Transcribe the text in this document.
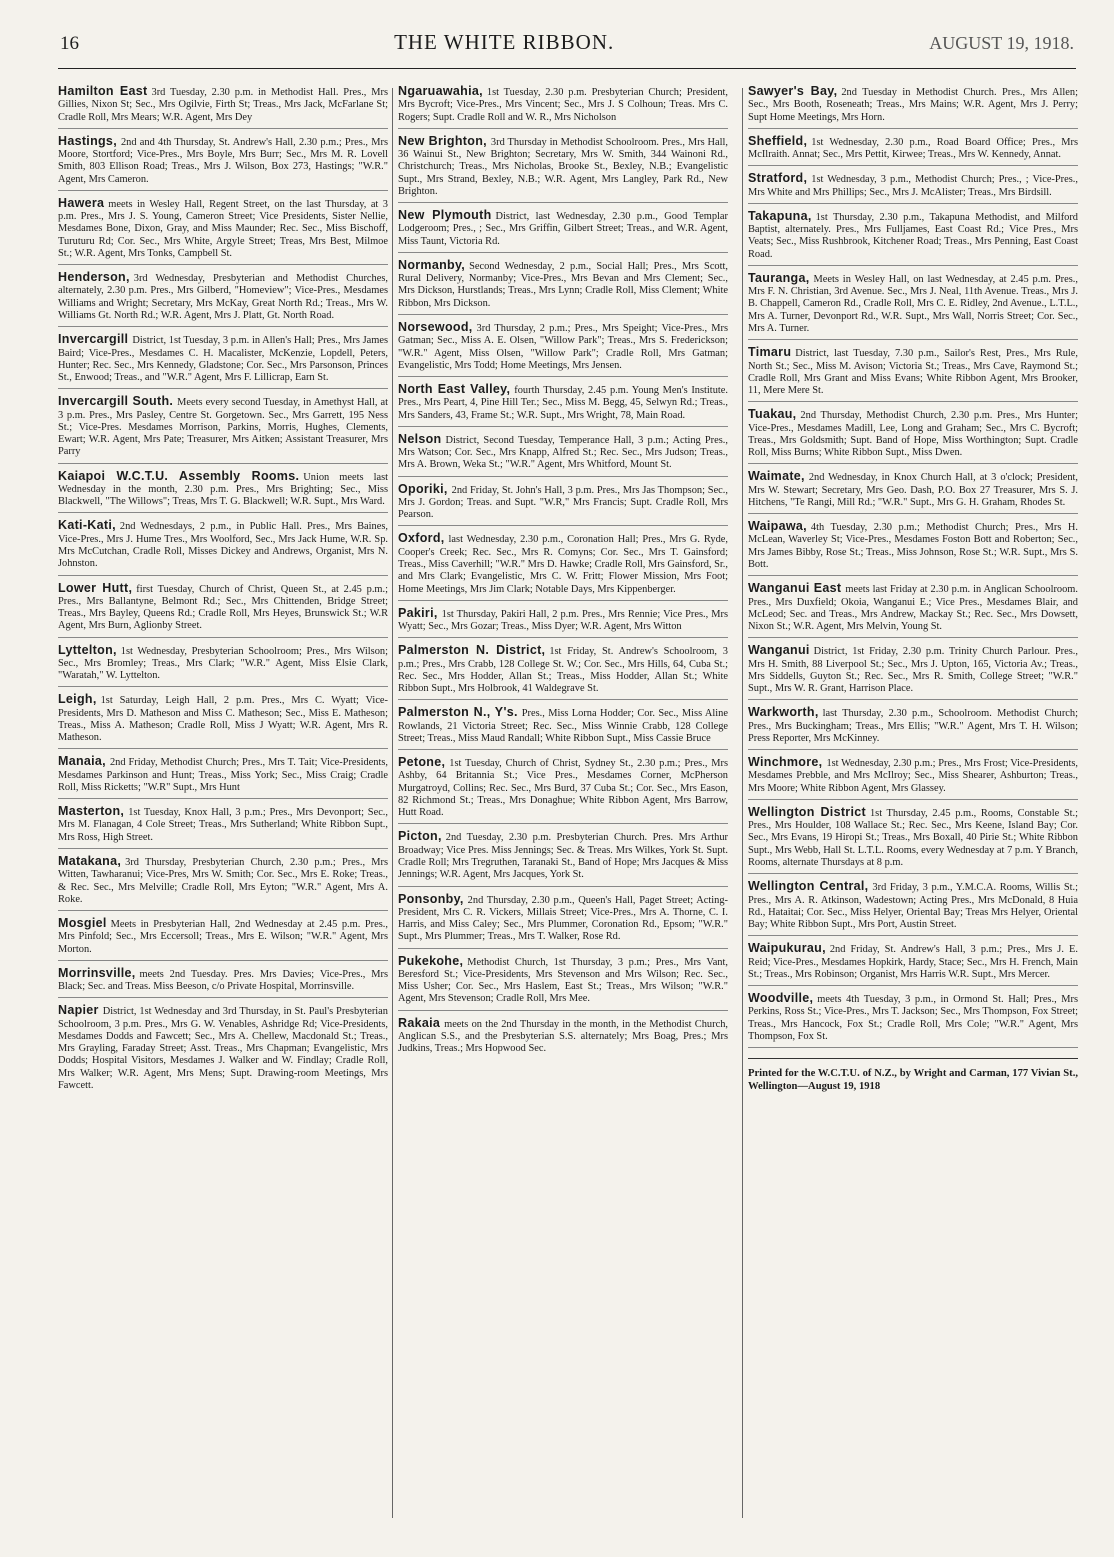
16	THE WHITE RIBBON.	AUGUST 19, 1918.
Hamilton East 3rd Tuesday, 2.30 p.m. in Methodist Hall. Pres., Mrs Gillies, Nixon St; Sec., Mrs Ogilvie, Firth St; Treas., Mrs Jack, McFarlane St; Cradle Roll, Mrs Mears; W.R. Agent, Mrs Dey
Hastings, 2nd and 4th Thursday, St. Andrew's Hall, 2.30 p.m.; Pres., Mrs Moore, Stortford; Vice-Pres., Mrs Boyle, Mrs Burr; Sec., Mrs M. R. Lovell Smith, 803 Ellison Road; Treas., Mrs J. Wilson, Box 273, Hastings; "W.R." Agent, Mrs Cameron.
Hawera meets in Wesley Hall, Regent Street, on the last Thursday, at 3 p.m. Pres., Mrs J. S. Young, Cameron Street; Vice Presidents, Sister Nellie, Mesdames Bone, Dixon, Gray, and Miss Maunder; Rec. Sec., Miss Bischoff, Turuturu Rd; Cor. Sec., Mrs White, Argyle Street; Treas, Mrs Best, Milmoe St.; W.R. Agent, Mrs Tonks, Campbell St.
Henderson, 3rd Wednesday, Presbyterian and Methodist Churches, alternately, 2.30 p.m. Pres., Mrs Gilberd, "Homeview"; Vice-Pres., Mesdames Williams and Wright; Secretary, Mrs McKay, Great North Rd.; Treas., Mrs W. Williams Gt. North Rd.; W.R. Agent, Mrs J. Platt, Gt. North Road.
Invercargill District, 1st Tuesday, 3 p.m. in Allen's Hall; Pres., Mrs James Baird; Vice-Pres., Mesdames C. H. Macalister, McKenzie, Lopdell, Peters, Hunter; Rec. Sec., Mrs Kennedy, Gladstone; Cor. Sec., Mrs Parsonson, Princes St., Enwood; Treas., and "W.R." Agent, Mrs F. Lillicrap, Earn St.
Invercargill South. Meets every second Tuesday, in Amethyst Hall, at 3 p.m. Pres., Mrs Pasley, Centre St. Gorgetown. Sec., Mrs Garrett, 195 Ness St.; Vice-Pres. Mesdames Morrison, Parkins, Morris, Hughes, Clements, Ewart; W.R. Agent, Mrs Pate; Treasurer, Mrs Aitken; Assistant Treasurer, Mrs Parry
Kaiapoi W.C.T.U. Assembly Rooms. Union meets last Wednesday in the month, 2.30 p.m. Pres., Mrs Brighting; Sec., Miss Blackwell, "The Willows"; Treas, Mrs T. G. Blackwell; W.R. Supt., Mrs Ward.
Kati-Kati, 2nd Wednesdays, 2 p.m., in Public Hall. Pres., Mrs Baines, Vice-Pres., Mrs J. Hume Tres., Mrs Woolford, Sec., Mrs Jack Hume, W.R. Sp. Mrs McCutchan, Cradle Roll, Misses Dickey and Andrews, Organist, Mrs N. Johnston.
Lower Hutt, first Tuesday, Church of Christ, Queen St., at 2.45 p.m.; Pres., Mrs Ballantyne, Belmont Rd.; Sec., Mrs Chittenden, Bridge Street; Treas., Mrs Bayley, Queens Rd.; Cradle Roll, Mrs Heyes, Brunswick St.; W.R Agent, Mrs Burn, Aglionby Street.
Lyttelton, 1st Wednesday, Presbyterian Schoolroom; Pres., Mrs Wilson; Sec., Mrs Bromley; Treas., Mrs Clark; "W.R." Agent, Miss Elsie Clark, "Waratah," W. Lyttelton.
Leigh, 1st Saturday, Leigh Hall, 2 p.m. Pres., Mrs C. Wyatt; Vice-Presidents, Mrs D. Matheson and Miss C. Matheson; Sec., Miss E. Matheson; Treas., Miss A. Matheson; Cradle Roll, Miss J Wyatt; W.R. Agent, Mrs R. Matheson.
Manaia, 2nd Friday, Methodist Church; Pres., Mrs T. Tait; Vice-Presidents, Mesdames Parkinson and Hunt; Treas., Miss York; Sec., Miss Craig; Cradle Roll, Miss Ricketts; "W.R" Supt., Mrs Hunt
Masterton, 1st Tuesday, Knox Hall, 3 p.m.; Pres., Mrs Devonport; Sec., Mrs M. Flanagan, 4 Cole Street; Treas., Mrs Sutherland; White Ribbon Supt., Mrs Ross, High Street.
Matakana, 3rd Thursday, Presbyterian Church, 2.30 p.m.; Pres., Mrs Witten, Tawharanui; Vice-Pres, Mrs W. Smith; Cor. Sec., Mrs E. Roke; Treas., & Rec. Sec., Mrs Melville; Cradle Roll, Mrs Eyton; "W.R." Agent, Mrs A. Roke.
Mosgiel Meets in Presbyterian Hall, 2nd Wednesday at 2.45 p.m. Pres., Mrs Pinfold; Sec., Mrs Eccersoll; Treas., Mrs E. Wilson; "W.R." Agent, Mrs Morton.
Morrinsville, meets 2nd Tuesday. Pres. Mrs Davies; Vice-Pres., Mrs Black; Sec. and Treas. Miss Beeson, c/o Private Hospital, Morrinsville.
Napier District, 1st Wednesday and 3rd Thursday, in St. Paul's Presbyterian Schoolroom, 3 p.m. Pres., Mrs G. W. Venables, Ashridge Rd; Vice-Presidents, Mesdames Dodds and Fawcett; Sec., Mrs A. Chellew, Macdonald St.; Treas., Mrs Grayling, Faraday Street; Asst. Treas., Mrs Chapman; Evangelistic, Mrs Dodds; Hospital Visitors, Mesdames J. Walker and W. Findlay; Cradle Roll, Mrs Walker; W.R. Agent, Mrs Mens; Supt. Drawing-room Meetings, Mrs Fawcett.
Ngaruawahia, 1st Tuesday, 2.30 p.m. Presbyterian Church; President, Mrs Bycroft; Vice-Pres., Mrs Vincent; Sec., Mrs J. S Colhoun; Treas. Mrs C. Rogers; Supt. Cradle Roll and W. R., Mrs Nicholson
New Brighton, 3rd Thursday in Methodist Schoolroom. Pres., Mrs Hall, 36 Wainui St., New Brighton; Secretary, Mrs W. Smith, 344 Wainoni Rd., Christchurch; Treas., Mrs Nicholas, Brooke St., Bexley, N.B.; Evangelistic Supt., Mrs Strand, Bexley, N.B.; W.R. Agent, Mrs Langley, Park Rd., New Brighton.
New Plymouth District, last Wednesday, 2.30 p.m., Good Templar Lodgeroom; Pres., ; Sec., Mrs Griffin, Gilbert Street; Treas., and W.R. Agent, Miss Taunt, Victoria Rd.
Normanby, Second Wednesday, 2 p.m., Social Hall; Pres., Mrs Scott, Rural Delivery, Normanby; Vice-Pres., Mrs Bevan and Mrs Clement; Sec., Mrs Dickson, Hurstlands; Treas., Mrs Lynn; Cradle Roll, Miss Clement; White Ribbon, Mrs Dickson.
Norsewood, 3rd Thursday, 2 p.m.; Pres., Mrs Speight; Vice-Pres., Mrs Gatman; Sec., Miss A. E. Olsen, "Willow Park"; Treas., Mrs S. Frederickson; "W.R." Agent, Miss Olsen, "Willow Park"; Cradle Roll, Mrs Gatman; Evangelistic, Mrs Todd; Home Meetings, Mrs Jensen.
North East Valley, fourth Thursday, 2.45 p.m. Young Men's Institute. Pres., Mrs Peart, 4, Pine Hill Ter.; Sec., Miss M. Begg, 45, Selwyn Rd.; Treas., Mrs Sanders, 43, Frame St.; W.R. Supt., Mrs Wright, 78, Main Road.
Nelson District, Second Tuesday, Temperance Hall, 3 p.m.; Acting Pres., Mrs Watson; Cor. Sec., Mrs Knapp, Alfred St.; Rec. Sec., Mrs Judson; Treas., Mrs A. Brown, Weka St.; "W.R." Agent, Mrs Whitford, Mount St.
Oporiki, 2nd Friday, St. John's Hall, 3 p.m. Pres., Mrs Jas Thompson; Sec., Mrs J. Gordon; Treas. and Supt. "W.R," Mrs Francis; Supt. Cradle Roll, Mrs Pearson.
Oxford, last Wednesday, 2.30 p.m., Coronation Hall; Pres., Mrs G. Ryde, Cooper's Creek; Rec. Sec., Mrs R. Comyns; Cor. Sec., Mrs T. Gainsford; Treas., Miss Caverhill; "W.R." Mrs D. Hawke; Cradle Roll, Mrs Gainsford, Sr., and Mrs Clark; Evangelistic, Mrs C. W. Fritt; Flower Mission, Mrs Foot; Home Meetings, Mrs Jim Clark; Notable Days, Mrs Kippenberger.
Pakiri, 1st Thursday, Pakiri Hall, 2 p.m. Pres., Mrs Rennie; Vice Pres., Mrs Wyatt; Sec., Mrs Gozar; Treas., Miss Dyer; W.R. Agent, Mrs Witton
Palmerston N. District, 1st Friday, St. Andrew's Schoolroom, 3 p.m.; Pres., Mrs Crabb, 128 College St. W.; Cor. Sec., Mrs Hills, 64, Cuba St.; Rec. Sec., Mrs Hodder, Allan St.; Treas., Miss Hodder, Allan St.; White Ribbon Supt., Mrs Holbrook, 41 Waldegrave St.
Palmerston N., Y's. Pres., Miss Lorna Hodder; Cor. Sec., Miss Aline Rowlands, 21 Victoria Street; Rec. Sec., Miss Winnie Crabb, 128 College Street; Treas., Miss Maud Randall; White Ribbon Supt., Miss Cassie Bruce
Petone, 1st Tuesday, Church of Christ, Sydney St., 2.30 p.m.; Pres., Mrs Ashby, 64 Britannia St.; Vice Pres., Mesdames Corner, McPherson Murgatroyd, Collins; Rec. Sec., Mrs Burd, 37 Cuba St.; Cor. Sec., Mrs Eason, 82 Richmond St.; Treas., Mrs Donaghue; White Ribbon Agent, Mrs Barrow, Hutt Road.
Picton, 2nd Tuesday, 2.30 p.m. Presbyterian Church. Pres. Mrs Arthur Broadway; Vice Pres. Miss Jennings; Sec. & Treas. Mrs Wilkes, York St. Supt. Cradle Roll; Mrs Tregruthen, Taranaki St., Band of Hope; Mrs Jacques & Miss Jennings; W.R. Agent, Mrs Jacques, York St.
Ponsonby, 2nd Thursday, 2.30 p.m., Queen's Hall, Paget Street; Acting-President, Mrs C. R. Vickers, Millais Street; Vice-Pres., Mrs A. Thorne, C. I. Harris, and Miss Caley; Sec., Mrs Plummer, Coronation Rd., Epsom; "W.R." Supt., Mrs Plummer; Treas., Mrs T. Walker, Rose Rd.
Pukekohe, Methodist Church, 1st Thursday, 3 p.m.; Pres., Mrs Vant, Beresford St.; Vice-Presidents, Mrs Stevenson and Mrs Wilson; Rec. Sec., Miss Usher; Cor. Sec., Mrs Haslem, East St.; Treas., Mrs Wilson; "W.R." Agent, Mrs Stevenson; Cradle Roll, Mrs Mee.
Rakaia meets on the 2nd Thursday in the month, in the Methodist Church, Anglican S.S., and the Presbyterian S.S. alternately; Mrs Boag, Pres.; Mrs Judkins, Treas.; Mrs Hopwood Sec.
Sawyer's Bay, 2nd Tuesday in Methodist Church. Pres., Mrs Allen; Sec., Mrs Booth, Roseneath; Treas., Mrs Mains; W.R. Agent, Mrs J. Perry; Supt Home Meetings, Mrs Horn.
Sheffield, 1st Wednesday, 2.30 p.m., Road Board Office; Pres., Mrs McIlraith. Annat; Sec., Mrs Pettit, Kirwee; Treas., Mrs W. Kennedy, Annat.
Stratford, 1st Wednesday, 3 p.m., Methodist Church; Pres., ; Vice-Pres., Mrs White and Mrs Phillips; Sec., Mrs J. McAlister; Treas., Mrs Birdsill.
Takapuna, 1st Thursday, 2.30 p.m., Takapuna Methodist, and Milford Baptist, alternately. Pres., Mrs Fulljames, East Coast Rd.; Vice Pres., Mrs Veats; Sec., Miss Rushbrook, Kitchener Road; Treas., Mrs Penning, East Coast Road.
Tauranga, Meets in Wesley Hall, on last Wednesday, at 2.45 p.m. Pres., Mrs F. N. Christian, 3rd Avenue. Sec., Mrs J. Neal, 11th Avenue. Treas., Mrs J. B. Chappell, Cameron Rd., Cradle Roll, Mrs C. E. Ridley, 2nd Avenue., L.T.L., Mrs A. Turner, Devonport Rd., W.R. Supt., Mrs Wall, Norris Street; Cor. Sec., Mrs A. Turner.
Timaru District, last Tuesday, 7.30 p.m., Sailor's Rest, Pres., Mrs Rule, North St.; Sec., Miss M. Avison; Victoria St.; Treas., Mrs Cave, Raymond St.; Cradle Roll, Mrs Grant and Miss Evans; White Ribbon Agent, Mrs Brooker, 11, Mere Mere St.
Tuakau, 2nd Thursday, Methodist Church, 2.30 p.m. Pres., Mrs Hunter; Vice-Pres., Mesdames Madill, Lee, Long and Graham; Sec., Mrs C. Bycroft; Treas., Mrs Goldsmith; Supt. Band of Hope, Miss Worthington; Supt. Cradle Roll, Miss Burns; White Ribbon Supt., Miss Dwen.
Waimate, 2nd Wednesday, in Knox Church Hall, at 3 o'clock; President, Mrs W. Stewart; Secretary, Mrs Geo. Dash, P.O. Box 27 Treasurer, Mrs S. J. Hitchens, "Te Rangi, Mill Rd.; "W.R." Supt., Mrs G. H. Graham, Rhodes St.
Waipawa, 4th Tuesday, 2.30 p.m.; Methodist Church; Pres., Mrs H. McLean, Waverley St; Vice-Pres., Mesdames Foston Bott and Roberton; Sec., Mrs James Bibby, Rose St.; Treas., Miss Johnson, Rose St.; W.R. Supt., Mrs S. Bott.
Wanganui East meets last Friday at 2.30 p.m. in Anglican Schoolroom. Pres., Mrs Duxfield; Okoia, Wanganui E.; Vice Pres., Mesdames Blair, and McLeod; Sec. and Treas., Mrs Andrew, Mackay St.; Rec. Sec., Mrs Dowsett, Nixon St.; W.R. Agent, Mrs Melvin, Young St.
Wanganui District, 1st Friday, 2.30 p.m. Trinity Church Parlour. Pres., Mrs H. Smith, 88 Liverpool St.; Sec., Mrs J. Upton, 165, Victoria Av.; Treas., Mrs Siddells, Guyton St.; Rec. Sec., Mrs R. Smith, College Street; "W.R." Supt., Mrs W. R. Grant, Harrison Place.
Warkworth, last Thursday, 2.30 p.m., Schoolroom. Methodist Church; Pres., Mrs Buckingham; Treas., Mrs Ellis; "W.R." Agent, Mrs T. H. Wilson; Press Reporter, Mrs McKinney.
Winchmore, 1st Wednesday, 2.30 p.m.; Pres., Mrs Frost; Vice-Presidents, Mesdames Prebble, and Mrs McIlroy; Sec., Miss Shearer, Ashburton; Treas., Mrs Moore; White Ribbon Agent, Mrs Glassey.
Wellington District 1st Thursday, 2.45 p.m., Rooms, Constable St.; Pres., Mrs Houlder, 108 Wallace St.; Rec. Sec., Mrs Keene, Island Bay; Cor. Sec., Mrs Evans, 19 Hiropi St.; Treas., Mrs Boxall, 40 Pirie St.; White Ribbon Supt., Mrs Webb, Hall St. L.T.L. Rooms, every Wednesday at 7 p.m. Y Branch, Rooms, alternate Thursdays at 8 p.m.
Wellington Central, 3rd Friday, 3 p.m., Y.M.C.A. Rooms, Willis St.; Pres., Mrs A. R. Atkinson, Wadestown; Acting Pres., Mrs McDonald, 8 Huia Rd., Hataitai; Cor. Sec., Miss Helyer, Oriental Bay; Treas Mrs Helyer, Oriental Bay; White Ribbon Supt., Mrs Port, Austin Street.
Waipukurau, 2nd Friday, St. Andrew's Hall, 3 p.m.; Pres., Mrs J. E. Reid; Vice-Pres., Mesdames Hopkirk, Hardy, Stace; Sec., Mrs H. French, Main St.; Treas., Mrs Robinson; Organist, Mrs Harris W.R. Supt., Mrs Mercer.
Woodville, meets 4th Tuesday, 3 p.m., in Ormond St. Hall; Pres., Mrs Perkins, Ross St.; Vice-Pres., Mrs T. Jackson; Sec., Mrs Thompson, Fox Street; Treas., Mrs Hancock, Fox St.; Cradle Roll, Mrs Cole; "W.R." Agent, Mrs Thompson, Fox St.
Printed for the W.C.T.U. of N.Z., by Wright and Carman, 177 Vivian St., Wellington—August 19, 1918
